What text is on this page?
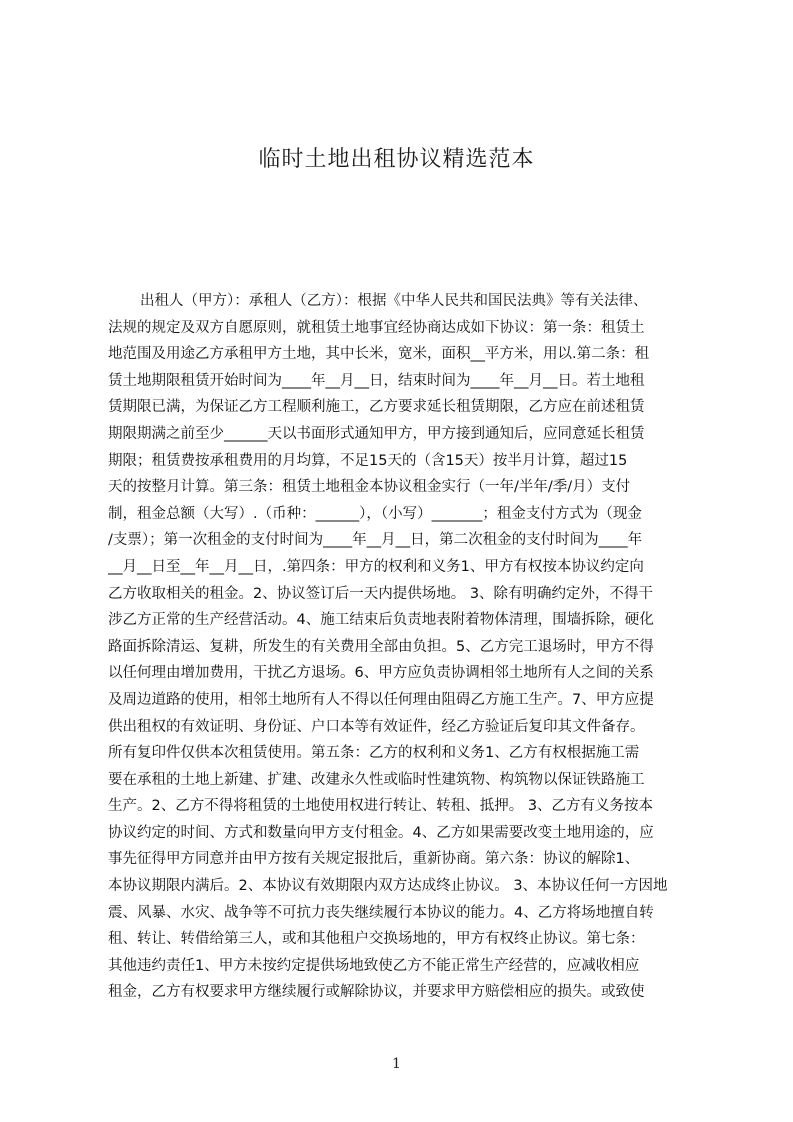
临时土地出租协议精选范本
出租人（甲方）：承租人（乙方）：根据《中华人民共和国民法典》等有关法律、
法规的规定及双方自愿原则，就租赁土地事宜经协商达成如下协议：第一条：租赁土
地范围及用途乙方承租甲方土地，其中长米，宽米，面积__平方米，用以.第二条：租
赁土地期限租赁开始时间为____年__月__日，结束时间为____年__月__日。若土地租
赁期限已满，为保证乙方工程顺利施工，乙方要求延长租赁期限，乙方应在前述租赁
期限期满之前至少______天以书面形式通知甲方，甲方接到通知后，应同意延长租赁
期限；租赁费按承租费用的月均算，不足15天的（含15天）按半月计算，超过15
天的按整月计算。第三条：租赁土地租金本协议租金实行（一年/半年/季/月）支付
制，租金总额（大写）.（币种：______），（小写）_______；租金支付方式为（现金
/支票）；第一次租金的支付时间为____年__月__日，第二次租金的支付时间为____年
__月__日至__年__月__日，.第四条：甲方的权利和义务1、甲方有权按本协议约定向
乙方收取相关的租金。2、协议签订后一天内提供场地。 3、除有明确约定外，不得干
涉乙方正常的生产经营活动。4、施工结束后负责地表附着物体清理，围墙拆除，硬化
路面拆除清运、复耕，所发生的有关费用全部由负担。5、乙方完工退场时，甲方不得
以任何理由增加费用，干扰乙方退场。6、甲方应负责协调相邻土地所有人之间的关系
及周边道路的使用，相邻土地所有人不得以任何理由阻碍乙方施工生产。7、甲方应提
供出租权的有效证明、身份证、户口本等有效证件，经乙方验证后复印其文件备存。
所有复印件仅供本次租赁使用。第五条：乙方的权利和义务1、乙方有权根据施工需
要在承租的土地上新建、扩建、改建永久性或临时性建筑物、构筑物以保证铁路施工
生产。2、乙方不得将租赁的土地使用权进行转让、转租、抵押。 3、乙方有义务按本
协议约定的时间、方式和数量向甲方支付租金。4、乙方如果需要改变土地用途的，应
事先征得甲方同意并由甲方按有关规定报批后，重新协商。第六条：协议的解除1、
本协议期限内满后。2、本协议有效期限内双方达成终止协议。 3、本协议任何一方因地
震、风暴、水灾、战争等不可抗力丧失继续履行本协议的能力。4、乙方将场地擅自转
租、转让、转借给第三人，或和其他租户交换场地的，甲方有权终止协议。第七条：
其他违约责任1、甲方未按约定提供场地致使乙方不能正常生产经营的，应减收相应
租金，乙方有权要求甲方继续履行或解除协议，并要求甲方赔偿相应的损失。或致使
1
